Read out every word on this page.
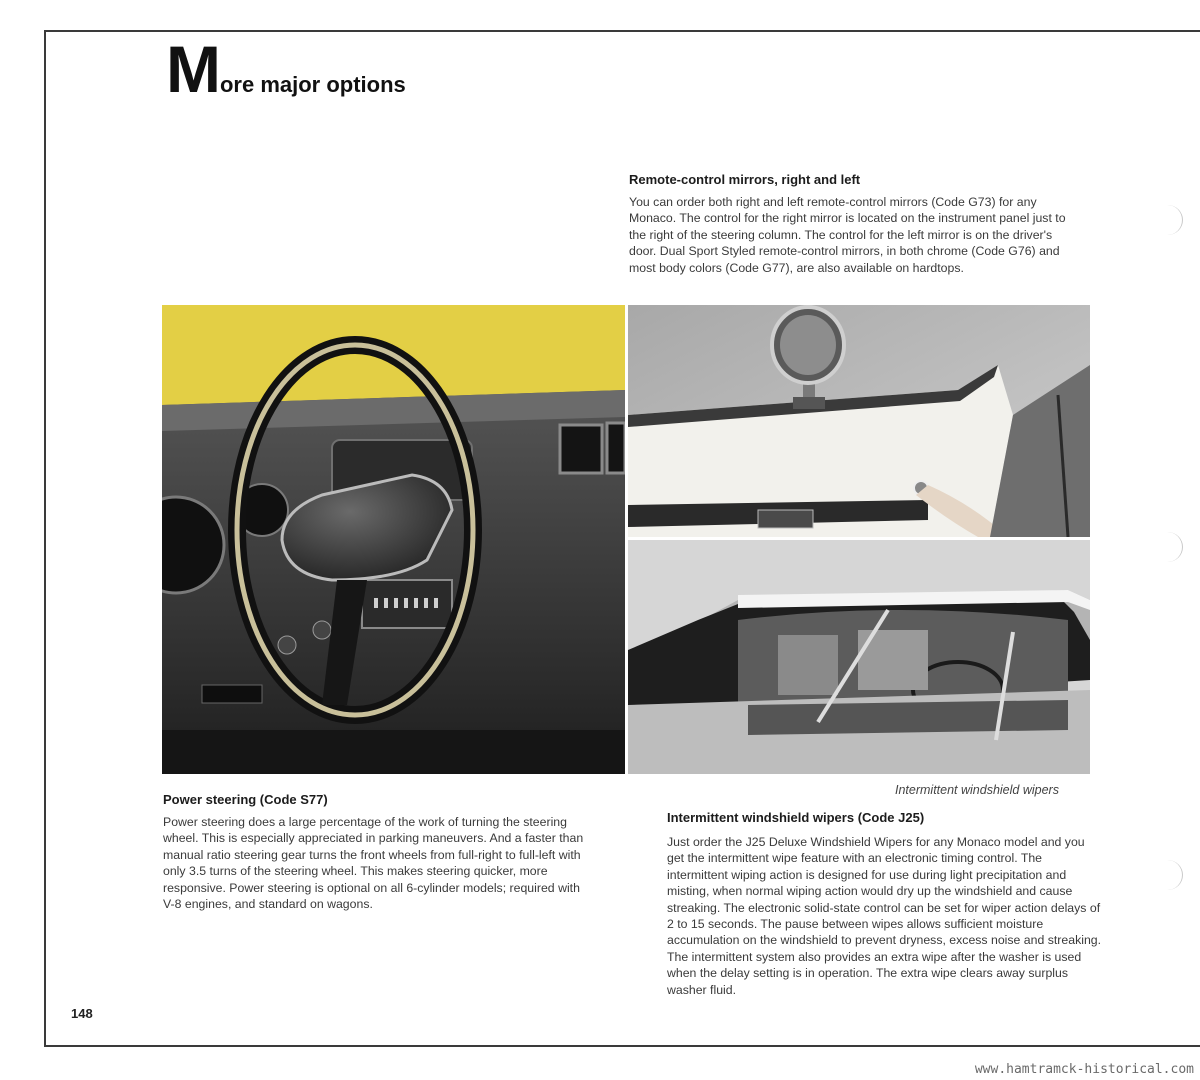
M ore major options
Remote-control mirrors, right and left
You can order both right and left remote-control mirrors (Code G73) for any Monaco. The control for the right mirror is located on the instrument panel just to the right of the steering column. The control for the left mirror is on the driver's door. Dual Sport Styled remote-control mirrors, in both chrome (Code G76) and most body colors (Code G77), are also available on hardtops.
Intermittent windshield wipers
Power steering (Code S77)
Power steering does a large percentage of the work of turning the steering wheel. This is especially appreciated in parking maneuvers. And a faster than manual ratio steering gear turns the front wheels from full-right to full-left with only 3.5 turns of the steering wheel. This makes steering quicker, more responsive. Power steering is optional on all 6-cylinder models; required with V-8 engines, and standard on wagons.
Intermittent windshield wipers (Code J25)
Just order the J25 Deluxe Windshield Wipers for any Monaco model and you get the intermittent wipe feature with an electronic timing control. The intermittent wiping action is designed for use during light precipitation and misting, when normal wiping action would dry up the windshield and cause streaking. The electronic solid-state control can be set for wiper action delays of 2 to 15 seconds. The pause between wipes allows sufficient moisture accumulation on the windshield to prevent dryness, excess noise and streaking. The intermittent system also provides an extra wipe after the washer is used when the delay setting is in operation. The extra wipe clears away surplus washer fluid.
148
www.hamtramck-historical.com
